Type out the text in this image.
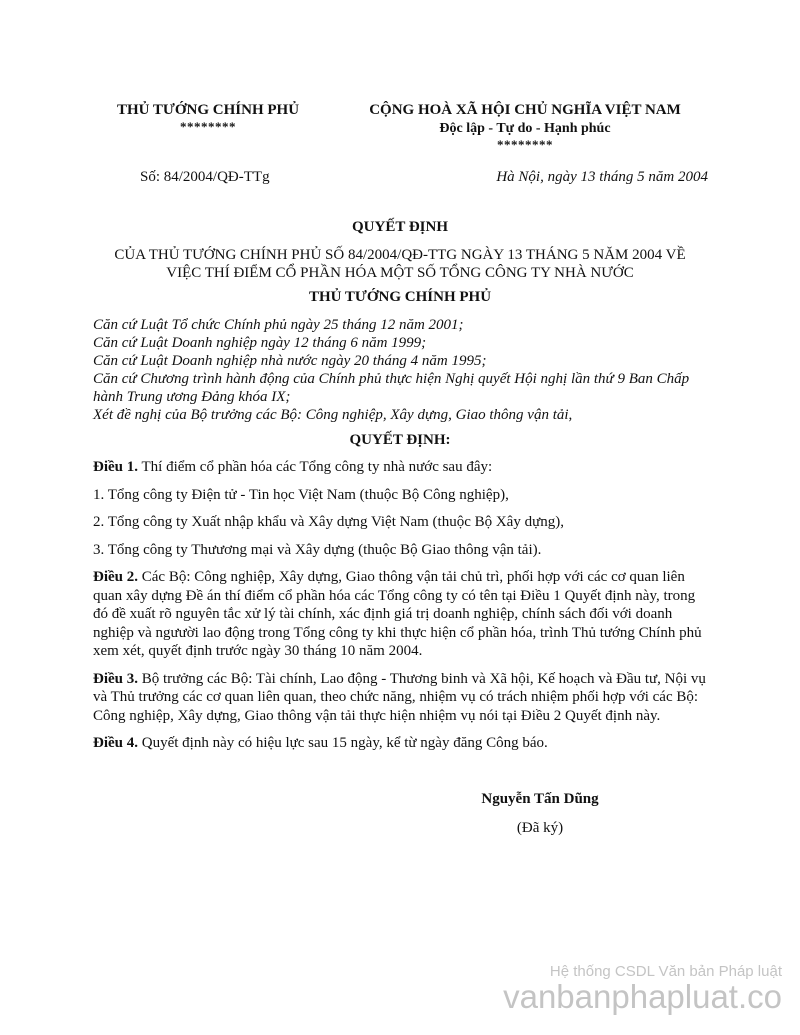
THỦ TƯỚNG CHÍNH PHỦ
********
CỘNG HOÀ XÃ HỘI CHỦ NGHĨA VIỆT NAM
Độc lập - Tự do - Hạnh phúc
********
Số: 84/2004/QĐ-TTg	Hà Nội, ngày 13 tháng 5 năm 2004
QUYẾT ĐỊNH
CỦA THỦ TƯỚNG CHÍNH PHỦ SỐ 84/2004/QĐ-TTG NGÀY 13 THÁNG 5 NĂM 2004 VỀ
VIỆC THÍ ĐIỂM CỔ PHẦN HÓA MỘT SỐ TỔNG CÔNG TY NHÀ NƯỚC
THỦ TƯỚNG CHÍNH PHỦ

Căn cứ Luật Tổ chức Chính phủ ngày 25 tháng 12 năm 2001;

Căn cứ Luật Doanh nghiệp ngày 12 tháng 6 năm 1999;

Căn cứ Luật Doanh nghiệp nhà nước ngày 20 tháng 4 năm 1995;

Căn cứ Chương trình hành động của Chính phủ thực hiện Nghị quyết Hội nghị lần thứ 9 Ban Chấp hành Trung ương Đảng khóa IX;

Xét đề nghị của Bộ trưởng các Bộ: Công nghiệp, Xây dựng, Giao thông vận tải,

QUYẾT ĐỊNH:

Điều 1. Thí điểm cổ phần hóa các Tổng công ty nhà nước sau đây:

1. Tổng công ty Điện tử - Tin học Việt Nam (thuộc Bộ Công nghiệp),

2. Tổng công ty Xuất nhập khẩu và Xây dựng Việt Nam (thuộc Bộ Xây dựng),

3. Tổng công ty Thưương mại và Xây dựng (thuộc Bộ Giao thông vận tải).

Điều 2. Các Bộ: Công nghiệp, Xây dựng, Giao thông vận tải chủ trì, phối hợp với các cơ quan liên quan xây dựng Đề án thí điểm cổ phần hóa các Tổng công ty có tên tại Điều 1 Quyết định này, trong đó đề xuất rõ nguyên tắc xử lý tài chính, xác định giá trị doanh nghiệp, chính sách đối với doanh nghiệp và ngưười lao động trong Tổng công ty khi thực hiện cổ phần hóa, trình Thủ tướng Chính phủ xem xét, quyết định trước ngày 30 tháng 10 năm 2004.

Điều 3. Bộ trưởng các Bộ: Tài chính, Lao động - Thương binh và Xã hội, Kế hoạch và Đầu tư, Nội vụ và Thủ trưởng các cơ quan liên quan, theo chức năng, nhiệm vụ có trách nhiệm phối hợp với các Bộ: Công nghiệp, Xây dựng, Giao thông vận tải thực hiện nhiệm vụ nói tại Điều 2 Quyết định này.

Điều 4. Quyết định này có hiệu lực sau 15 ngày, kể từ ngày đăng Công báo.

Nguyễn Tấn Dũng
(Đã ký)
Hệ thống CSDL Văn bản Pháp luật
vanbanphapluat.co
